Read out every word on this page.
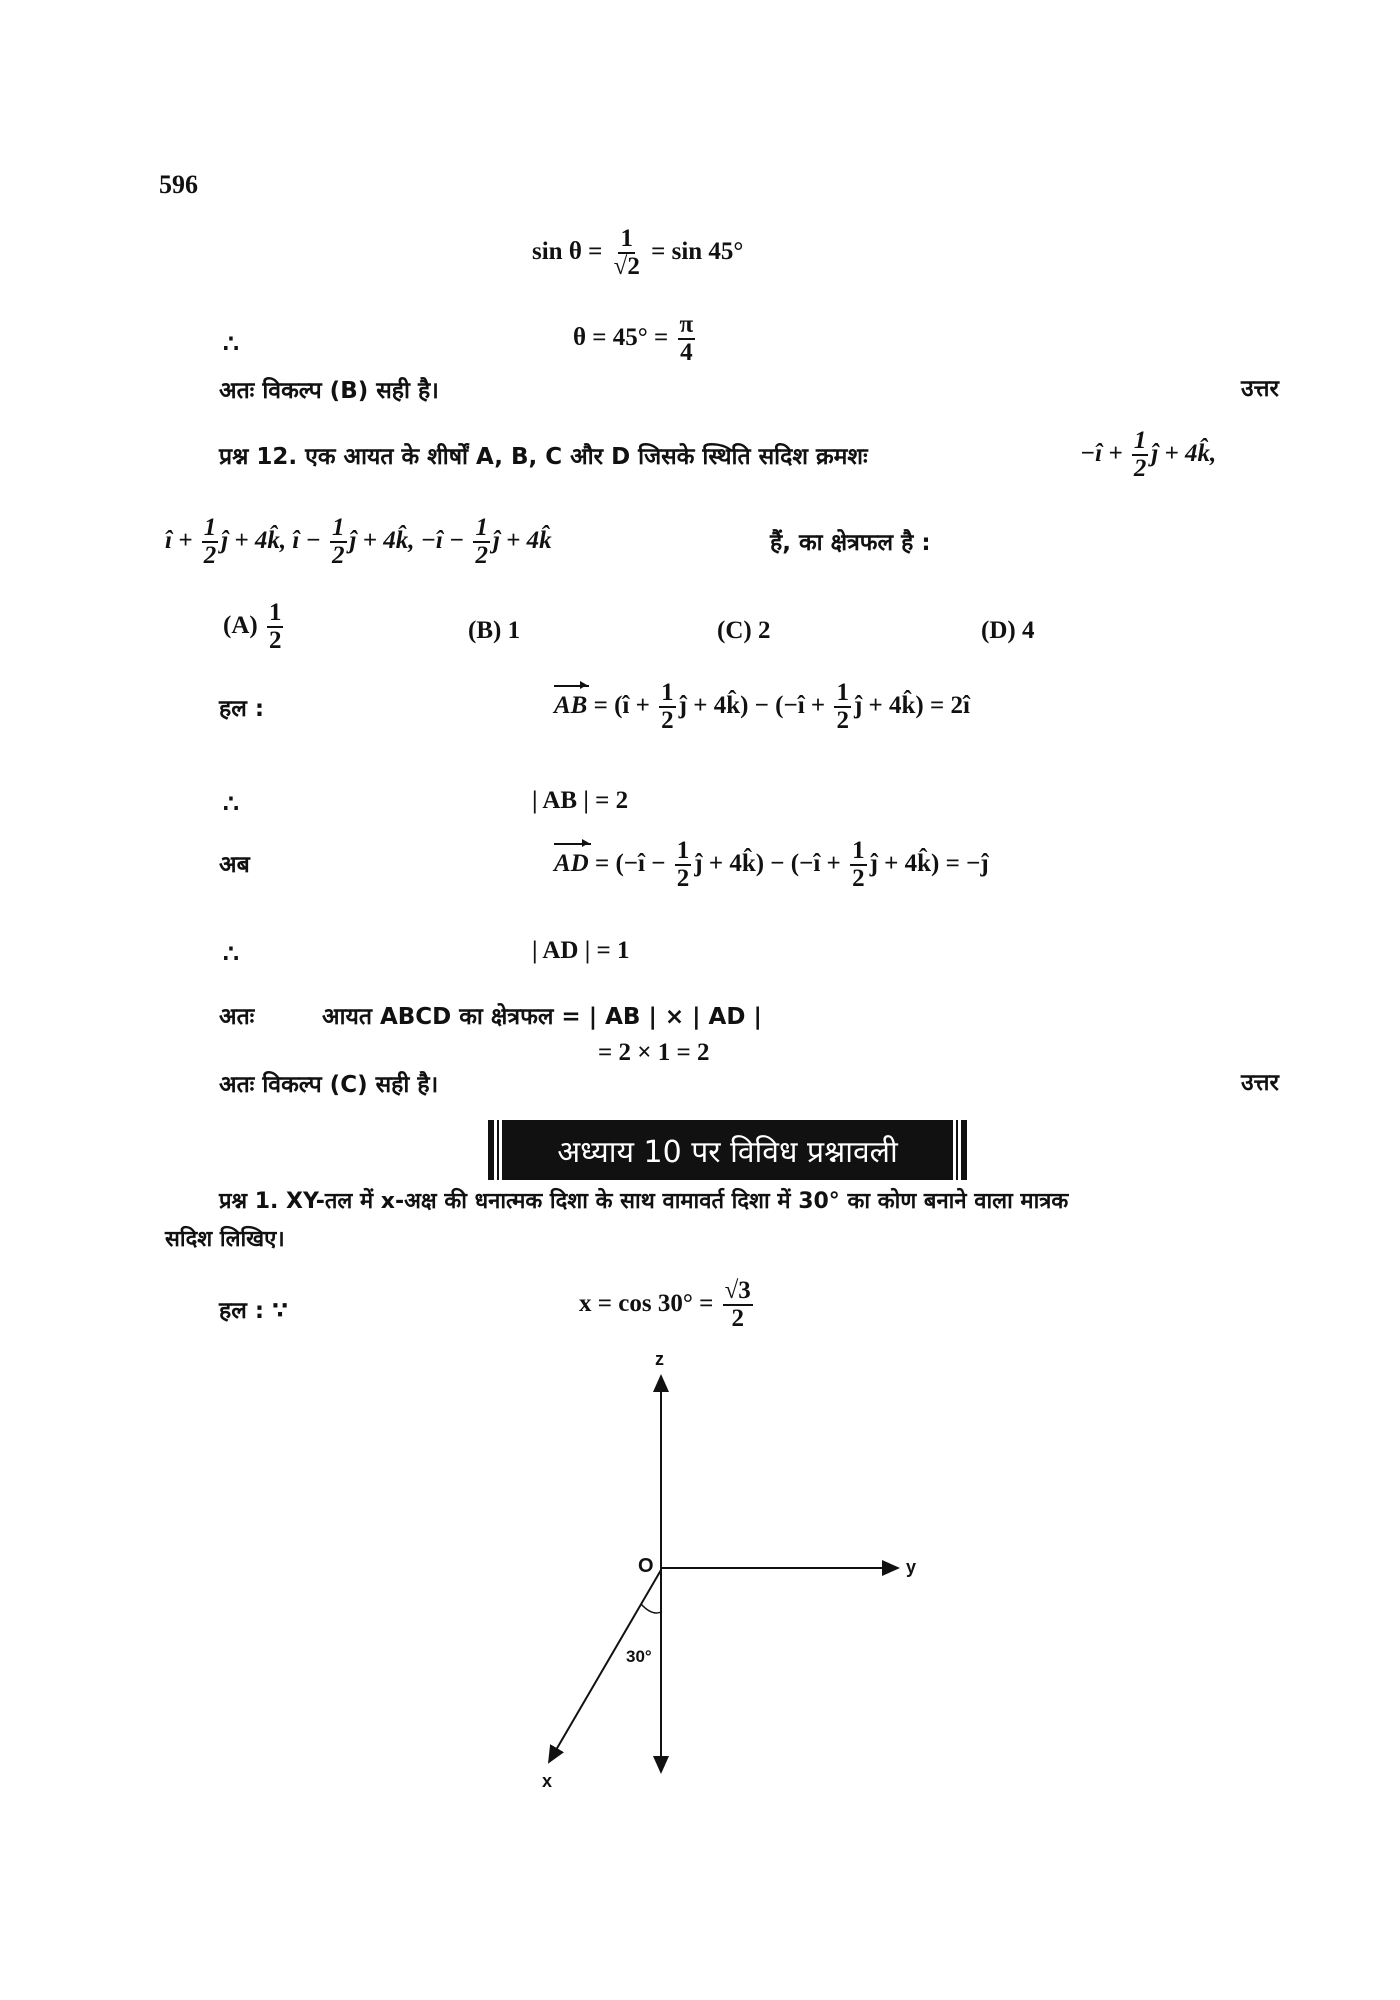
596
$\sin \theta = \frac{1}{√2} = \sin 45^\circ$
∴	$\theta = 45^\circ = \frac{\pi}{4}$
अतः विकल्प (B) सही है।	उत्तर
प्रश्न 12. एक आयत के शीर्षों A, B, C और D जिसके स्थिति सदिश क्रमशः	−î + $\frac{1}{2}$ ĵ + 4k̂,
î + $\frac{1}{2}$ ĵ + 4k̂, î − $\frac{1}{2}$ ĵ + 4k̂, −î − $\frac{1}{2}$ ĵ + 4k̂	हैं, का क्षेत्रफल है :
$(A) \frac{1}{2}$	(B) 1	(C) 2	(D) 4
हल :	AB = (î + $\frac{1}{2}$ ĵ + 4k̂) − (−î + $\frac{1}{2}$ ĵ + 4k̂) = 2î
∴	| AB | = 2
अब	AD = (−î − $\frac{1}{2}$ ĵ + 4k̂) − (−î + $\frac{1}{2}$ ĵ + 4k̂) = −ĵ
∴	| AD | = 1
अतः	आयत ABCD का क्षेत्रफल = | AB | × | AD |
= 2 × 1 = 2
अतः विकल्प (C) सही है।	उत्तर
अध्याय 10 पर विविध प्रश्नावली
प्रश्न 1. XY-तल में x-अक्ष की धनात्मक दिशा के साथ वामावर्त दिशा में 30° का कोण बनाने वाला मात्रक
सदिश लिखिए।
हल : ∵	$x = \cos 30^\circ = \frac{√3}{2}$
z
y
x
O
30°
